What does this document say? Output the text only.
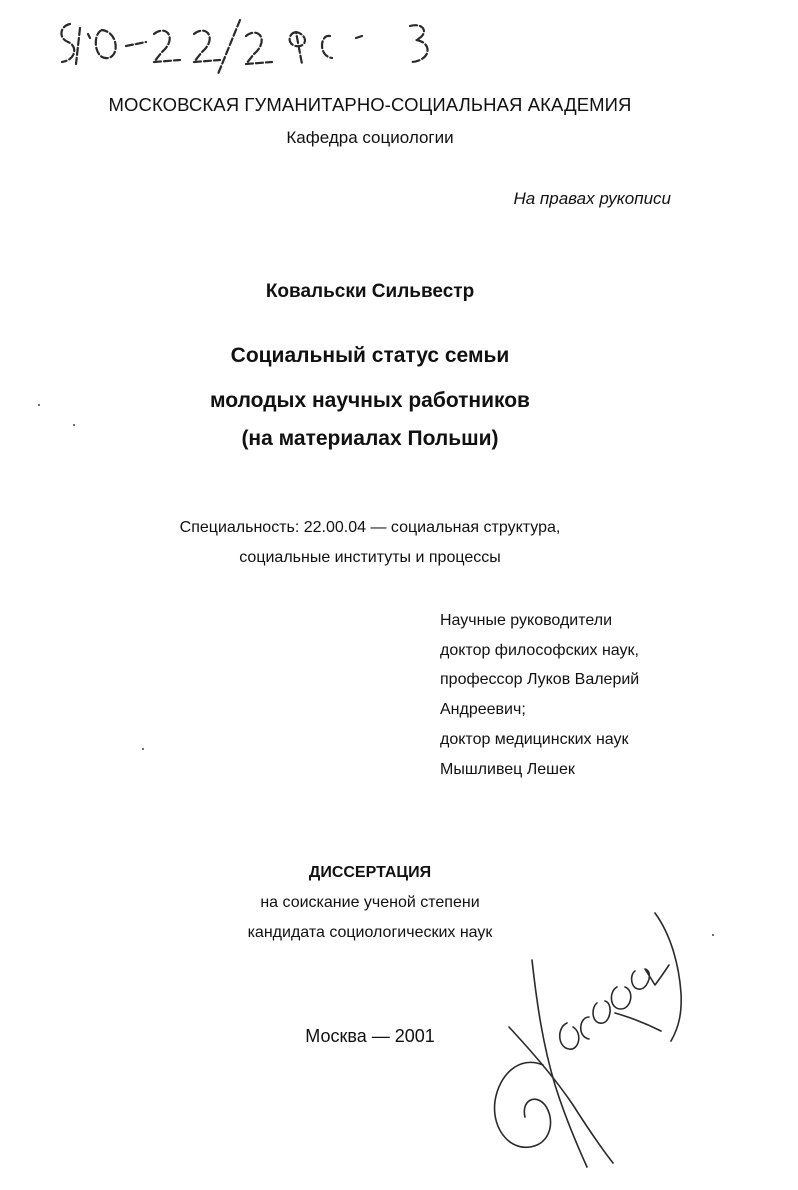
МОСКОВСКАЯ ГУМАНИТАРНО-СОЦИАЛЬНАЯ АКАДЕМИЯ
Кафедра социологии
На правах рукописи
Ковальски Сильвестр
Социальный статус семьи
молодых научных работников
(на материалах Польши)
Специальность: 22.00.04 — социальная структура,
социальные институты и процессы
Научные руководители
доктор философских наук,
профессор Луков Валерий
Андреевич;
доктор медицинских наук
Мышливец Лешек
ДИССЕРТАЦИЯ
на соискание ученой степени
кандидата социологических наук
Москва — 2001
